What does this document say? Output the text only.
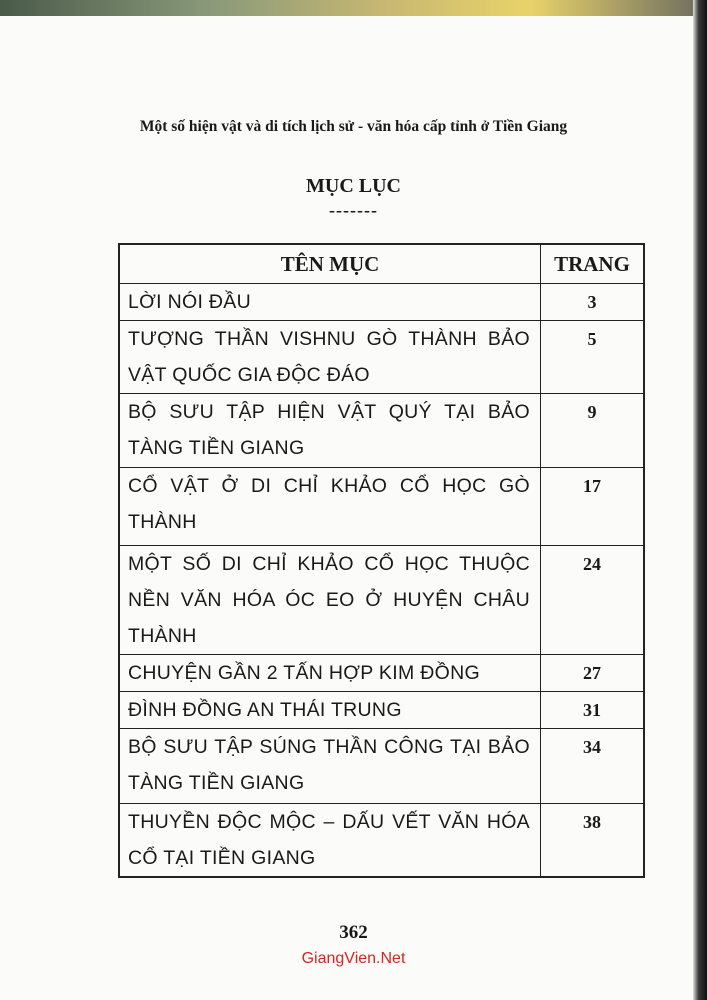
Một số hiện vật và di tích lịch sử - văn hóa cấp tỉnh ở Tiền Giang
MỤC LỤC
-------
TÊN MỤC	TRANG
LỜI NÓI ĐẦU	3
TƯỢNG THẦN VISHNU GÒ THÀNH BẢO VẬT QUỐC GIA ĐỘC ĐÁO	5
BỘ SƯU TẬP HIỆN VẬT QUÝ TẠI BẢO TÀNG TIỀN GIANG	9
CỔ VẬT Ở DI CHỈ KHẢO CỔ HỌC GÒ THÀNH	17
MỘT SỐ DI CHỈ KHẢO CỔ HỌC THUỘC NỀN VĂN HÓA ÓC EO Ở HUYỆN CHÂU THÀNH	24
CHUYỆN GẦN 2 TẤN HỢP KIM ĐỒNG	27
ĐÌNH ĐỒNG AN THÁI TRUNG	31
BỘ SƯU TẬP SÚNG THẦN CÔNG TẠI BẢO TÀNG TIỀN GIANG	34
THUYỀN ĐỘC MỘC – DẤU VẾT VĂN HÓA CỔ TẠI TIỀN GIANG	38
362
GiangVien.Net
